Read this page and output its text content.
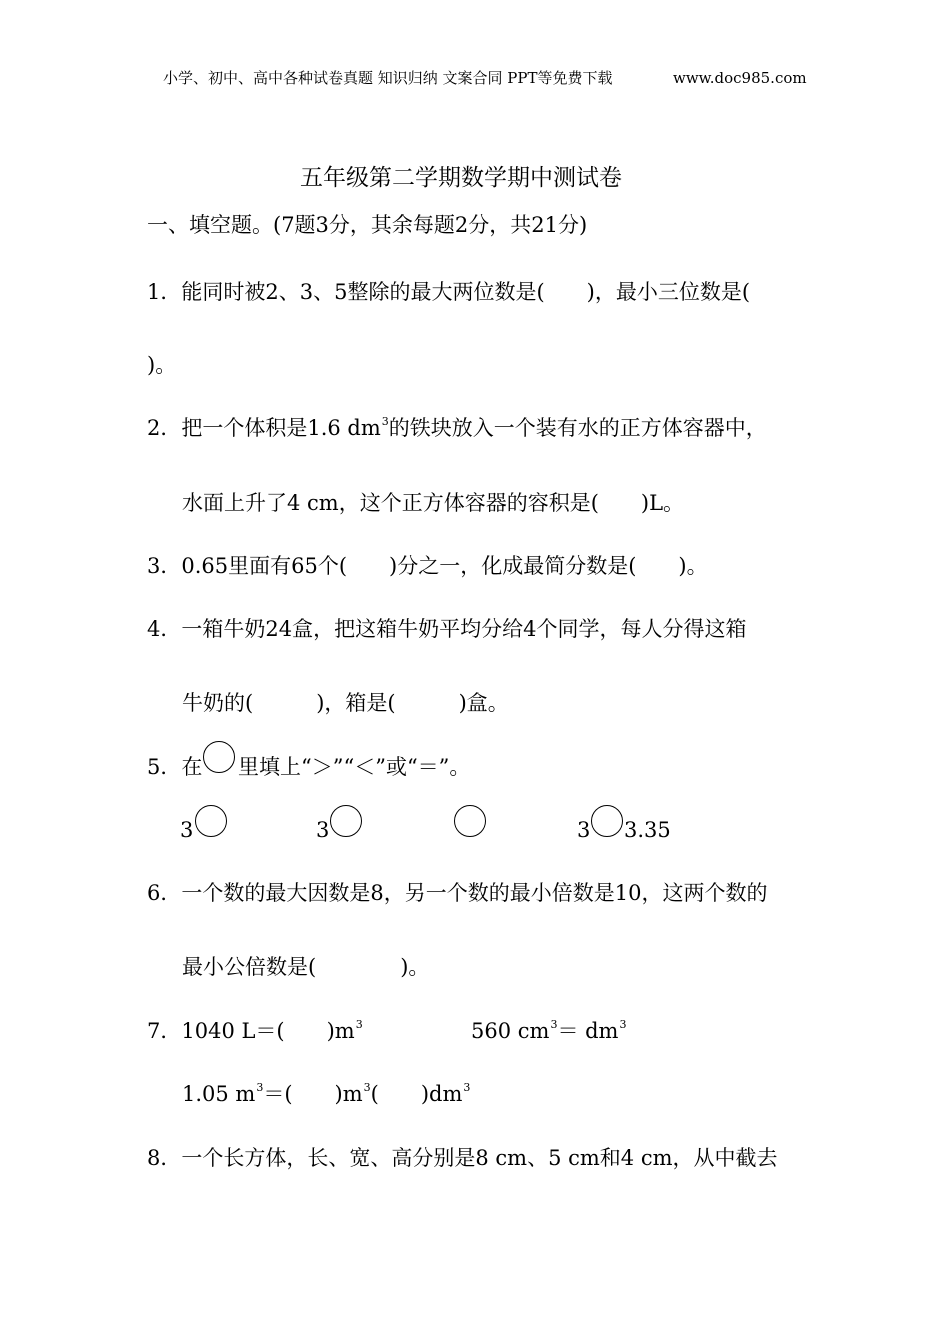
小学、初中、高中各种试卷真题 知识归纳 文案合同 PPT等免费下载	www.doc985.com
五年级第二学期数学期中测试卷
一、填空题。(7题3分，其余每题2分，共21分)
1．能同时被2、3、5整除的最大两位数是(　　)，最小三位数是(
)。
2．把一个体积是1.6 $dm^3$的铁块放入一个装有水的正方体容器中，
水面上升了4 cm，这个正方体容器的容积是(　　)L。
3．0.65里面有65个(　　)分之一，化成最简分数是(　　)。
4．一箱牛奶24盒，把这箱牛奶平均分给4个同学，每人分得这箱
牛奶的(　　　)，箱是(　　　)盒。
5．在 里填上“＞”“＜”或“＝”。
3	3	3 3.35
6．一个数的最大因数是8，另一个数的最小倍数是10，这两个数的
最小公倍数是(　　　　)。
7．1040 L＝(　　)$m^3$	560 $cm^3= dm^3$
1.05 $m^3=$(　　)$m^3$(　　)$dm^3$
8．一个长方体，长、宽、高分别是8 cm、5 cm和4 cm，从中截去
